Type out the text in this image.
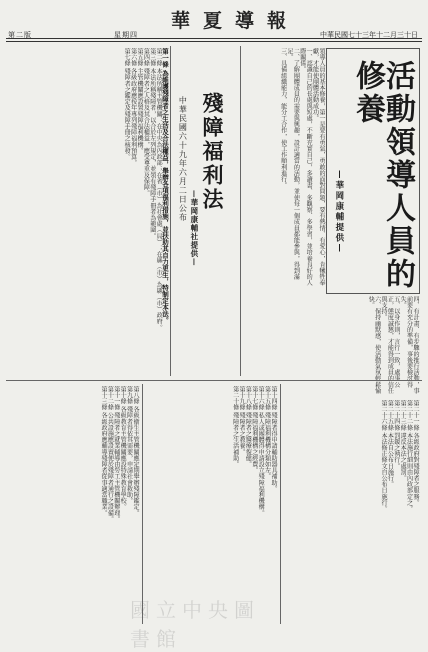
第二版	星期四
華夏導報
中華民國七十三年十二月三十日
活動領導人員的修養
—華岡康輔提供—
領導人員的基本修養，第一是要有勇氣，勇敢的面對問題，要有熱情、有愛心，肯犧牲奉獻，才能使團體活動成功。
一、認識自己的長處與短處，不斷充實自己，多讀書、多觀察、多學習，並培養良好的人際關係。
二、了解團體成員的需要與興趣，設計適當的活動，並使每一個成員都能參與，得到滿足。
三、具備組織能力，能分工合作，使工作順利進行。
四、有計畫、有步驟的推行活動，事前要有充分的準備，事後要檢討得失。
五、以身作則，言行一致，處事公正，態度誠懇，才能得到成員的信任與支持。
六、保持幽默感，使活動氣氛輕鬆愉快。
殘障福利法
中華民國六十九年六月二日公布
—華岡康輔社提供—
第一條 為維護殘障者之生活及合法權益，舉辦各項福利措施，並扶助其自力更生，特制定本法。
第二條 本法所稱主管機關：在中央為內政部；在省（市）為社會處（局）；在縣（市）為縣（市）政府。
第三條 本法所稱殘障者，以合於左列規定，並領有殘障手冊者為範圍。
第四條 殘障者之人格及其合法權益，應受尊重及保障。
第五條 主管機關應設置殘障福利機構。
第六條 各級政府應按年專列殘障福利預算。
第七條 殘障者之鑑定及殘障手冊之核發。
第八條 各級衛生主管機關應定期舉辦殘障鑑定。
第九條 殘障者得依其需要，申請社會救助。
第十條 各級教育主管機關應設特殊教育學校。
第十一條 殘障者之就業輔導由勞工主管機關辦理。
第十二條 公共設施應設置便於殘障者通行之設備。
第十三條 各級政府應輔導殘障者從事適當職業。	第十四條 殘障者得申請輔助器具補助。
第十五條 殘障福利機構分類如左。
第十六條 私人或團體得申請設立殘障福利機構。
第十七條 殘障福利機構之經費。
第十八條 殘障者之醫療復健。
第十九條 殘障者之教養。
第二十條 殘障者之生活補助。	第二十一條 各級政府對殘障者之服務。
第二十二條 本法施行細則由內政部定之。
第二十三條 違反本法之處罰。
第二十四條 罰鍰之執行。
第二十五條 本法自公布日施行。
第二十六條 本法修正條文自公布日施行。
國立中央圖書館
